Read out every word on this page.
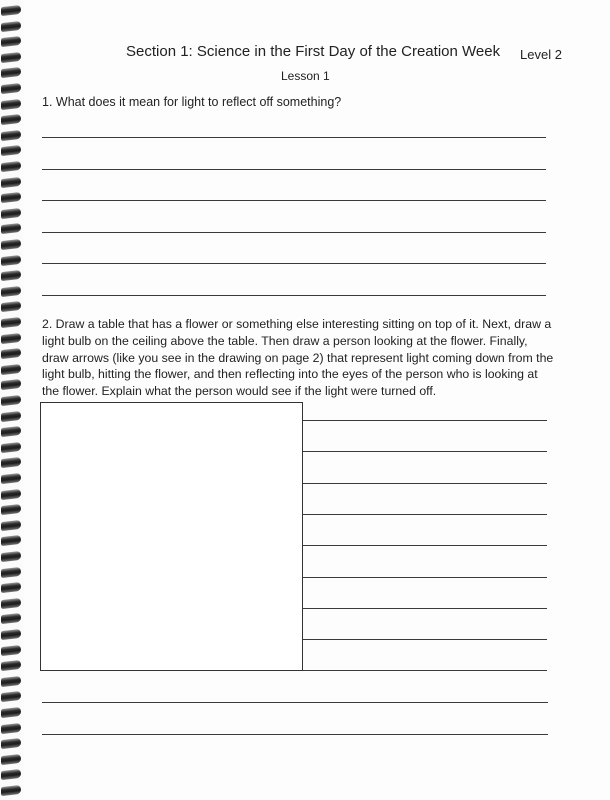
Section 1: Science in the First Day of the Creation Week Level 2
Lesson 1
1. What does it mean for light to reflect off something?
2. Draw a table that has a flower or something else interesting sitting on top of it. Next, draw a light bulb on the ceiling above the table. Then draw a person looking at the flower. Finally, draw arrows (like you see in the drawing on page 2) that represent light coming down from the light bulb, hitting the flower, and then reflecting into the eyes of the person who is looking at the flower. Explain what the person would see if the light were turned off.
